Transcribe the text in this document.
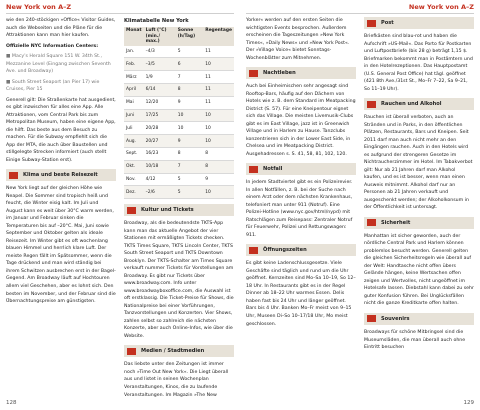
New York von A–Z	New York von A–Z

wie den 240-stöckigen »Office« Visitor Guides, auch die Webseiten und die Pläne für die Attraktionen kann man hier kaufen.

Offizielle NYC Information Centers:

■ Macy's Herald Square 151 W. 34th St., Mezzanine Level (Eingang zwischen Seventh Ave. und Broadway)

■ South Street Seaport (an Pier 17) wie Cruises, Pier 15

Generell gilt: Die Straßenkarte hat ausgedient, es gibt inzwischen für alles eine App. Alle Attraktionen, vom Central Park bis zum Metropolitan Museum, haben eine eigene App, die hilft. Das beste aus dem Besuch zu machen. Für die Subway empfiehlt sich die App der MTA, die auch über Baustellen und stillgelegte Strecken informiert (auch stellt Einige Subway-Station erst).

Klima und beste Reisezeit

New York liegt auf der gleichen Höhe wie Neapel. Die Sommer sind tropisch heiß und feucht, die Winter eisig kalt. Im Juli und August kann es weit über 30°C warm werden, im Januar und Februar sinken die Temperaturen bis auf –20°C. Mai, Juni sowie September und Oktober gelten als ideale Reisezeit. Im Winter gibt es oft wochenlang blauen Himmel und herrlich klare Luft. Der meiste Regen fällt im Spätsommer, wenn die Tage drückend und man wird ständig bei ihrem Schwitzen ausbrechen erst in der Bagel-Gegend. Am Broadway läuft auf Hochtouren allem viel Geschehen, aber es lohnt sich. Den besten im November, und der Februar sind die Übernachtungspreise am günstigsten.

Klimatabelle New York
Monat	Luft (°C) (min./ max.)	Sonne (h/Tag)	Regentage
Jan.	–4/3	5	11
Feb.	–3/5	6	10
März	1/9	7	11
April	6/14	8	11
Mai	12/20	9	11
Juni	17/25	10	10
Juli	20/28	10	10
Aug.	20/27	9	10
Sept.	16/23	8	8
Okt.	10/18	7	8
Nov.	4/12	5	9
Dez.	–2/6	5	10
Kultur und Tickets

Broadway, als die bedeutendste TKTS-App kann man das aktuelle Angebot der vier Stationen mit ermäßigten Tickets checken. TKTS Times Square, TKTS Lincoln Center, TKTS South Street Seaport und TKTS Downtown Brooklyn. Der TKTS-Schalter am Times Square verkauft nummer Tickets für Vorstellungen am Broadway. Es gibt nur Tickets über www.broadway.com. Info unter www.broadwayboxoffice.com, die Auswahl ist oft erstklassig. Die Ticket-Preise für Shows, die Nationalpreise bei einer Vorführungen, Tanzvorstellungen und Konzerten. Vier Shows, zahlen selbst so zahlreich die nächsten Konzerte, aber auch Online-Infos, wie über die Website.

Medien / Stadtmedien

Das liebste unter den Zeitungen ist immer noch »Time Out New York«. Die Liegt überall aus und listet in seinen Wochenplan Veranstaltungen, Kinos, die zu laufende Veranstaltungen. Im Magazin »The New

Yorker« werden auf den ersten Seiten die wichtigsten Events besprochen. Außerdem erscheinen die Tageszeitungen »New York Times«, »Daily News« und »New York Post«. Der »Village Voice« bietet Sonntags-Wochenblätter zum Mitnehmen.

Nachtleben

Auch bei Einheimischen sehr angesagt sind Rooftop-Bars, häufig auf den Dächern von Hotels wie z. B. dem Standard im Meatpacking District (S. 57). Für eine Kneipentour eignet sich das Village. Die meisten Livemusik-Clubs gibt es im East Village, jazz ist in Greenwich Village und in Harlem zu Hause. Tanzclubs konzentrieren sich in der Lower East Side, in Chelsea und im Meatpacking District. Ausgehadressen s. S. 41, 58, 81, 102, 120.

Notfall

In jedem Stadtviertel gibt es ein Polizeirevier. In allen Notfällen, z. B. bei der Suche nach einem Arzt oder dem nächsten Krankenhaus, telefoniert man unter 911 (Notruf). Eine Polizei-Hotline (www.nyc.gov/html/nypd) mit Ratschlägen zum Reisepass: Zentraler Notruf für Feuerwehr, Polizei und Rettungswagen: 911.

Öffnungszeiten

Es gibt keine Ladenschlussgesetze. Viele Geschäfte sind täglich und rund um die Uhr geöffnet. Kernzeiten sind Mo–Sa 10–19, So 12–18 Uhr. In Restaurants gibt es in der Regel Dinner ab 18–22 Uhr warmes Essen. Delis haben fast bis 24 Uhr und länger geöffnet. Bars bis 4 Uhr. Banken Mo–Fr meist von 9–15 Uhr, Museen Di–So 10–17/18 Uhr, Mo meist geschlossen.

Post

Briefkästen sind blau-rot und haben die Aufschrift »US-Mail«. Das Porto für Postkarten und Luftpostbriefe (bis 28 g) beträgt 1,15 $. Briefmarken bekommt man in Postämtern und in den Hotelrezeptionen. Das Hauptpostamt (U.S. General Post Office) hat tägl. geöffnet (421 8th Ave./31st St., Mo–Fr 7–22, Sa 9–21, So 11–19 Uhr).

Rauchen und Alkohol

Rauchen ist überall verboten, auch an Stränden und in Parks, in den öffentlichen Plätzen, Restaurants, Bars und Kneipen. Seit 2011 darf man auch nicht mehr an den Eingängen rauchen. Auch in den Hotels wird es aufgrund der strengeren Gesetze im Nichtraucherzimmer im Hotel. Im Tabakverbot gilt: Nur ab 21 Jahren darf man Alkohol kaufen, und es ist besser, wenn man einen Ausweis mitnimmt. Alkohol darf nur an Personen ab 21 Jahren verkauft und ausgeschenkt werden; der Alkoholkonsum in der Öffentlichkeit ist untersagt.

Sicherheit

Manhattan ist sicher geworden, auch der nördliche Central Park und Harlem können problemlos besucht werden. Generell gelten die gleichen Sicherheitsregeln wie überall auf der Welt: Handtasche nicht offen übers Gelände hängen, keine Wertsachen offen zeigen und Wertvolles, nicht ungeöffnet im Hotelsafe lassen. Diebstahl kann dabei zu sehr guter Konfusion führen. Bei Unglücksfällen nicht die ganze Kreditkarte offen halten.

Souvenirs

Broadways für schöne Mitbringsel sind die Museumsläden, die man überall auch ohne Eintritt besuchen

128	129
